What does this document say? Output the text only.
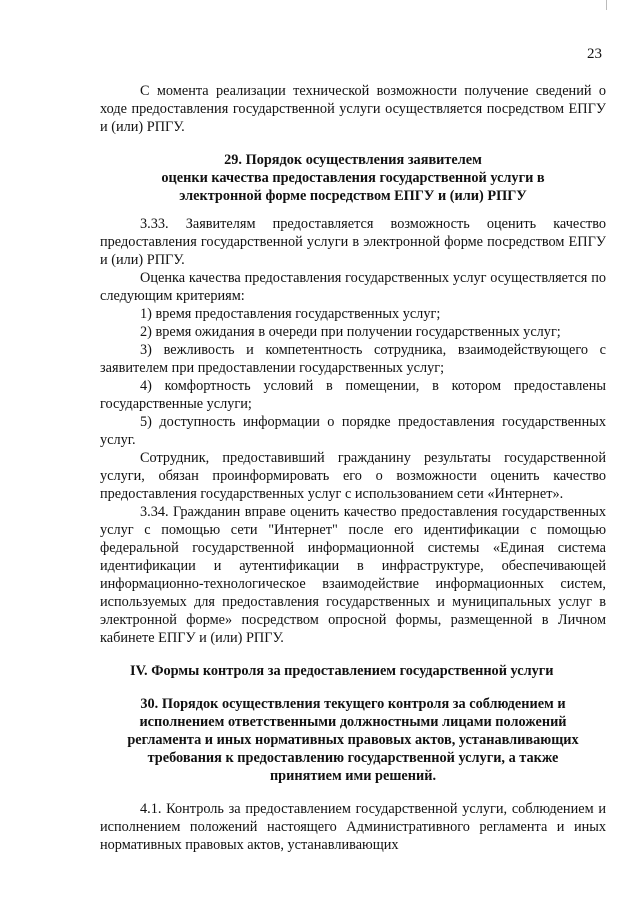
23

С момента реализации технической возможности получение сведений о ходе предоставления государственной услуги осуществляется посредством ЕПГУ и (или) РПГУ.

29. Порядок осуществления заявителем

оценки качества предоставления государственной услуги в

электронной форме посредством ЕПГУ и (или) РПГУ

3.33. Заявителям предоставляется возможность оценить качество предоставления государственной услуги в электронной форме посредством ЕПГУ и (или) РПГУ.

Оценка качества предоставления государственных услуг осуществляется по следующим критериям:

1) время предоставления государственных услуг;

2) время ожидания в очереди при получении государственных услуг;

3) вежливость и компетентность сотрудника, взаимодействующего с заявителем при предоставлении государственных услуг;

4) комфортность условий в помещении, в котором предоставлены государственные услуги;

5) доступность информации о порядке предоставления государственных услуг.

Сотрудник, предоставивший гражданину результаты государственной услуги, обязан проинформировать его о возможности оценить качество предоставления государственных услуг с использованием сети «Интернет».

3.34. Гражданин вправе оценить качество предоставления государственных услуг с помощью сети "Интернет" после его идентификации с помощью федеральной государственной информационной системы «Единая система идентификации и аутентификации в инфраструктуре, обеспечивающей информационно-технологическое взаимодействие информационных систем, используемых для предоставления государственных и муниципальных услуг в электронной форме» посредством опросной формы, размещенной в Личном кабинете ЕПГУ и (или) РПГУ.

IV. Формы контроля за предоставлением государственной услуги

30. Порядок осуществления текущего контроля за соблюдением и

исполнением ответственными должностными лицами положений

регламента и иных нормативных правовых актов, устанавливающих

требования к предоставлению государственной услуги, а также

принятием ими решений.

4.1. Контроль за предоставлением государственной услуги, соблюдением и исполнением положений настоящего Административного регламента и иных нормативных правовых актов, устанавливающих
